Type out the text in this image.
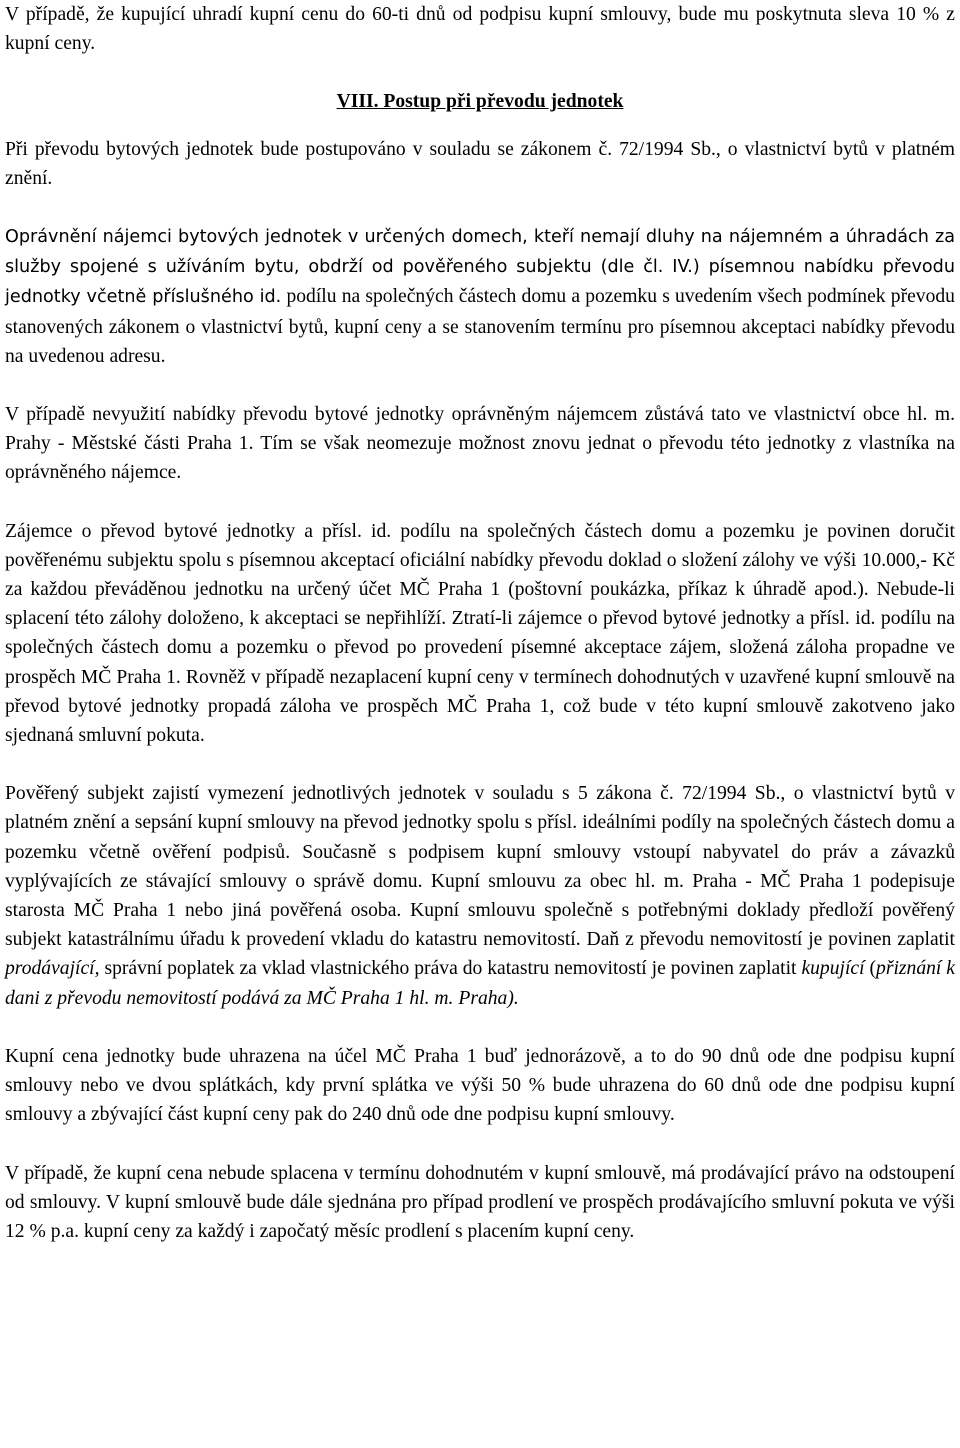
V případě, že kupující uhradí kupní cenu do 60-ti dnů od podpisu kupní smlouvy, bude mu poskytnuta sleva 10 % z kupní ceny.

VIII. Postup při převodu jednotek

Při převodu bytových jednotek bude postupováno v souladu se zákonem č. 72/1994 Sb., o vlastnictví bytů v platném znění.

Oprávnění nájemci bytových jednotek v určených domech, kteří nemají dluhy na nájemném a úhradách za služby spojené s užíváním bytu, obdrží od pověřeného subjektu (dle čl. IV.) písemnou nabídku převodu jednotky včetně příslušného id. podílu na společných částech domu a pozemku s uvedením všech podmínek převodu stanovených zákonem o vlastnictví bytů, kupní ceny a se stanovením termínu pro písemnou akceptaci nabídky převodu na uvedenou adresu.

V případě nevyužití nabídky převodu bytové jednotky oprávněným nájemcem zůstává tato ve vlastnictví obce hl. m. Prahy - Městské části Praha 1. Tím se však neomezuje možnost znovu jednat o převodu této jednotky z vlastníka na oprávněného nájemce.

Zájemce o převod bytové jednotky a přísl. id. podílu na společných částech domu a pozemku je povinen doručit pověřenému subjektu spolu s písemnou akceptací oficiální nabídky převodu doklad o složení zálohy ve výši 10.000,- Kč za každou převáděnou jednotku na určený účet MČ Praha 1 (poštovní poukázka, příkaz k úhradě apod.). Nebude-li splacení této zálohy doloženo, k akceptaci se nepřihlíží. Ztratí-li zájemce o převod bytové jednotky a přísl. id. podílu na společných částech domu a pozemku o převod po provedení písemné akceptace zájem, složená záloha propadne ve prospěch MČ Praha 1. Rovněž v případě nezaplacení kupní ceny v termínech dohodnutých v uzavřené kupní smlouvě na převod bytové jednotky propadá záloha ve prospěch MČ Praha 1, což bude v této kupní smlouvě zakotveno jako sjednaná smluvní pokuta.

Pověřený subjekt zajistí vymezení jednotlivých jednotek v souladu s 5 zákona č. 72/1994 Sb., o vlastnictví bytů v platném znění a sepsání kupní smlouvy na převod jednotky spolu s přísl. ideálními podíly na společných částech domu a pozemku včetně ověření podpisů. Současně s podpisem kupní smlouvy vstoupí nabyvatel do práv a závazků vyplývajících ze stávající smlouvy o správě domu. Kupní smlouvu za obec hl. m. Praha - MČ Praha 1 podepisuje starosta MČ Praha 1 nebo jiná pověřená osoba. Kupní smlouvu společně s potřebnými doklady předloží pověřený subjekt katastrálnímu úřadu k provedení vkladu do katastru nemovitostí. Daň z převodu nemovitostí je povinen zaplatit prodávající, správní poplatek za vklad vlastnického práva do katastru nemovitostí je povinen zaplatit kupující (přiznání k dani z převodu nemovitostí podává za MČ Praha 1 hl. m. Praha).

Kupní cena jednotky bude uhrazena na účel MČ Praha 1 buď jednorázově, a to do 90 dnů ode dne podpisu kupní smlouvy nebo ve dvou splátkách, kdy první splátka ve výši 50 % bude uhrazena do 60 dnů ode dne podpisu kupní smlouvy a zbývající část kupní ceny pak do 240 dnů ode dne podpisu kupní smlouvy.

V případě, že kupní cena nebude splacena v termínu dohodnutém v kupní smlouvě, má prodávající právo na odstoupení od smlouvy. V kupní smlouvě bude dále sjednána pro případ prodlení ve prospěch prodávajícího smluvní pokuta ve výši 12 % p.a. kupní ceny za každý i započatý měsíc prodlení s placením kupní ceny.
